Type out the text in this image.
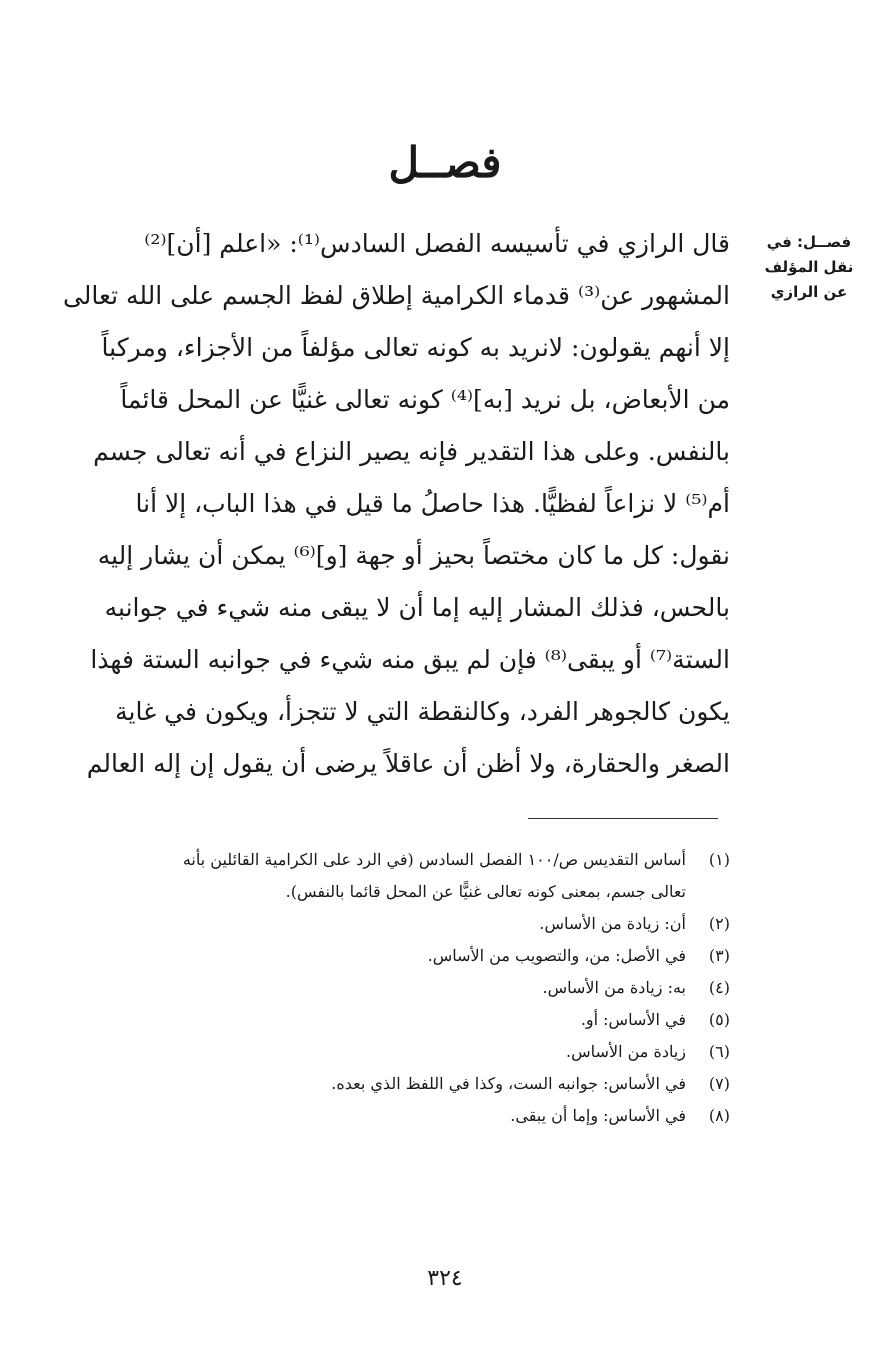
فصــل
فصــل: في
نقل المؤلف
عن الرازي
قال الرازي في تأسيسه الفصل السادس⁽¹⁾: «اعلم [أن]⁽²⁾
المشهور عن⁽³⁾ قدماء الكرامية إطلاق لفظ الجسم على الله تعالى
إلا أنهم يقولون: لانريد به كونه تعالى مؤلفاً من الأجزاء، ومركباً
من الأبعاض، بل نريد [به]⁽⁴⁾ كونه تعالى غنيًّا عن المحل قائماً
بالنفس. وعلى هذا التقدير فإنه يصير النزاع في أنه تعالى جسم
أم⁽⁵⁾ لا نزاعاً لفظيًّا. هذا حاصلُ ما قيل في هذا الباب، إلا أنا
نقول: كل ما كان مختصاً بحيز أو جهة [و]⁽⁶⁾ يمكن أن يشار إليه
بالحس، فذلك المشار إليه إما أن لا يبقى منه شيء في جوانبه
الستة⁽⁷⁾ أو يبقى⁽⁸⁾ فإن لم يبق منه شيء في جوانبه الستة فهذا
يكون كالجوهر الفرد، وكالنقطة التي لا تتجزأ، ويكون في غاية
الصغر والحقارة، ولا أظن أن عاقلاً يرضى أن يقول إن إله العالم
(١)
أساس التقديس ص/١٠٠ الفصل السادس (في الرد على الكرامية القائلين بأنه
تعالى جسم، بمعنى كونه تعالى غنيًّا عن المحل قائما بالنفس).
(٢)
أن: زيادة من الأساس.
(٣)
في الأصل: من، والتصويب من الأساس.
(٤)
به: زيادة من الأساس.
(٥)
في الأساس: أو.
(٦)
زيادة من الأساس.
(٧)
في الأساس: جوانبه الست، وكذا في اللفظ الذي بعده.
(٨)
في الأساس: وإما أن يبقى.
٣٢٤
